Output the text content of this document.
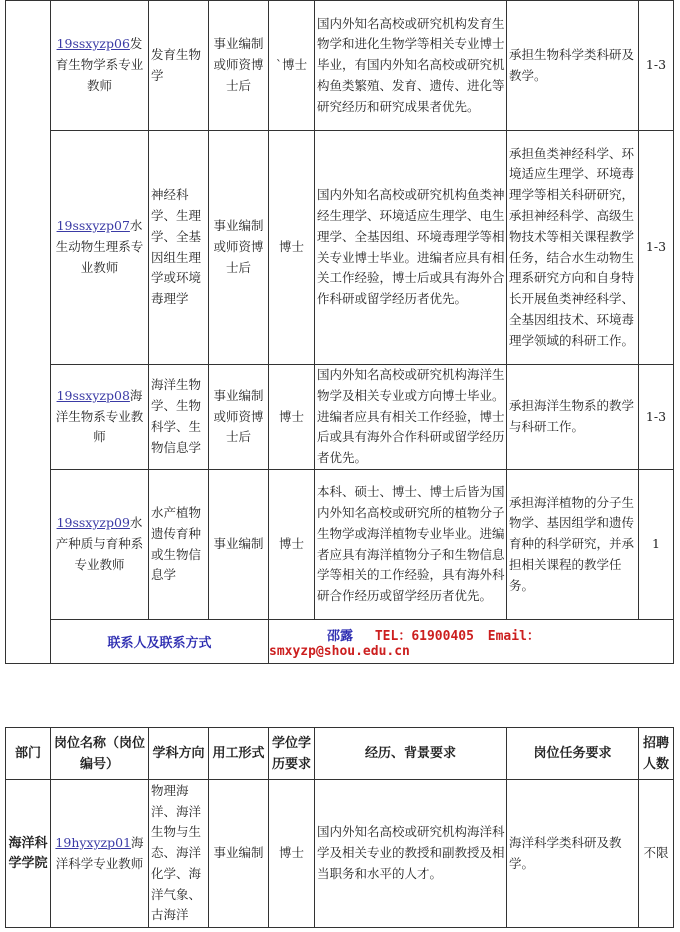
	19ssxyzp06发育生物学系专业教师	发育生物学	事业编制或师资博士后	`博士	国内外知名高校或研究机构发育生物学和进化生物学等相关专业博士毕业，有国内外知名高校或研究机构鱼类繁殖、发育、遗传、进化等研究经历和研究成果者优先。	承担生物科学类科研及教学。	1-3
	19ssxyzp07水生动物生理系专业教师	神经科学、生理学、全基因组生理学或环境毒理学	事业编制或师资博士后	博士	国内外知名高校或研究机构鱼类神经生理学、环境适应生理学、电生理学、全基因组、环境毒理学等相关专业博士毕业。进编者应具有相关工作经验，博士后或具有海外合作科研或留学经历者优先。	承担鱼类神经科学、环境适应生理学、环境毒理学等相关科研研究，承担神经科学、高级生物技术等相关课程教学任务，结合水生动物生理系研究方向和自身特长开展鱼类神经科学、全基因组技术、环境毒理学领域的科研工作。	1-3
	19ssxyzp08海洋生物系专业教师	海洋生物学、生物科学、生物信息学	事业编制或师资博士后	博士	国内外知名高校或研究机构海洋生物学及相关专业或方向博士毕业。进编者应具有相关工作经验，博士后或具有海外合作科研或留学经历者优先。	承担海洋生物系的教学与科研工作。	1-3
	19ssxyzp09水产种质与育种系专业教师	水产植物遗传育种或生物信息学	事业编制	博士	本科、硕士、博士、博士后皆为国内外知名高校或研究所的植物分子生物学或海洋植物专业毕业。进编者应具有海洋植物分子和生物信息学等相关的工作经验，具有海外科研合作经历或留学经历者优先。	承担海洋植物的分子生物学、基因组学和遗传育种的科学研究，并承担相关课程的教学任务。	1
	联系人及联系方式			邵露 TEL：61900405 Email：smxyzp@shou.edu.cn			
部门	岗位名称（岗位编号）	学科方向	用工形式	学位学历要求	经历、背景要求	岗位任务要求	招聘人数
海洋科学学院	19hyxyzp01海洋科学专业教师	物理海洋、海洋生物与生态、海洋化学、海洋气象、古海洋	事业编制	博士	国内外知名高校或研究机构海洋科学及相关专业的教授和副教授及相当职务和水平的人才。	海洋科学类科研及教学。	不限
